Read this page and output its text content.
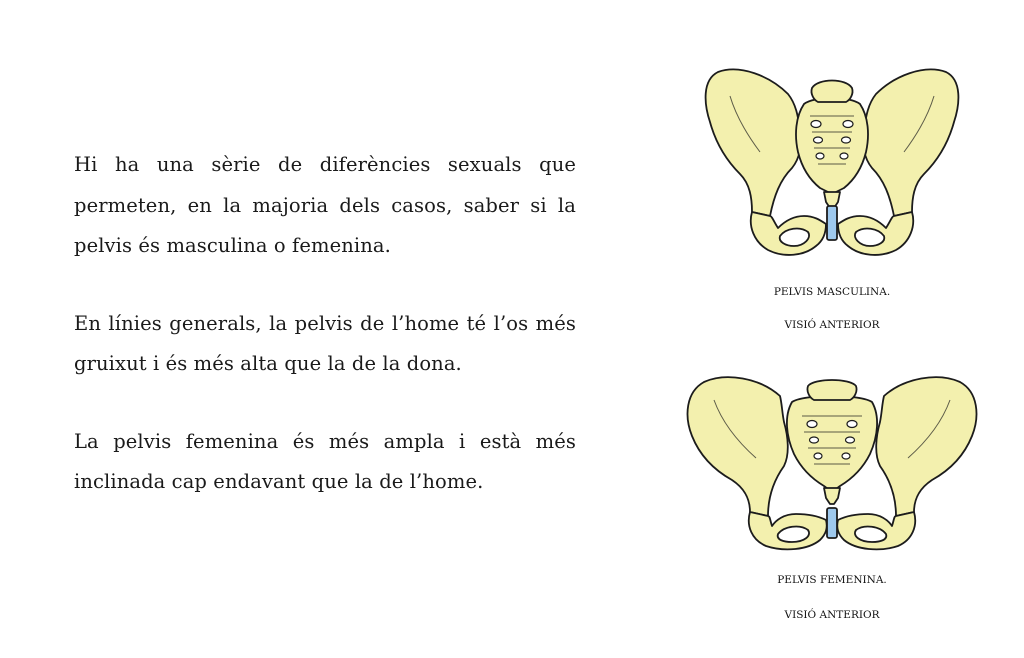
Hi ha una sèrie de diferències sexuals que permeten, en la majoria dels casos, saber si la pelvis és masculina o femenina.

En línies generals, la pelvis de l’home té l’os més gruixut i és més alta que la de la dona.

La pelvis femenina és més ampla i està més inclinada cap endavant que la de l’home.

PELVIS MASCULINA.

VISIÓ ANTERIOR

PELVIS FEMENINA.

VISIÓ ANTERIOR
